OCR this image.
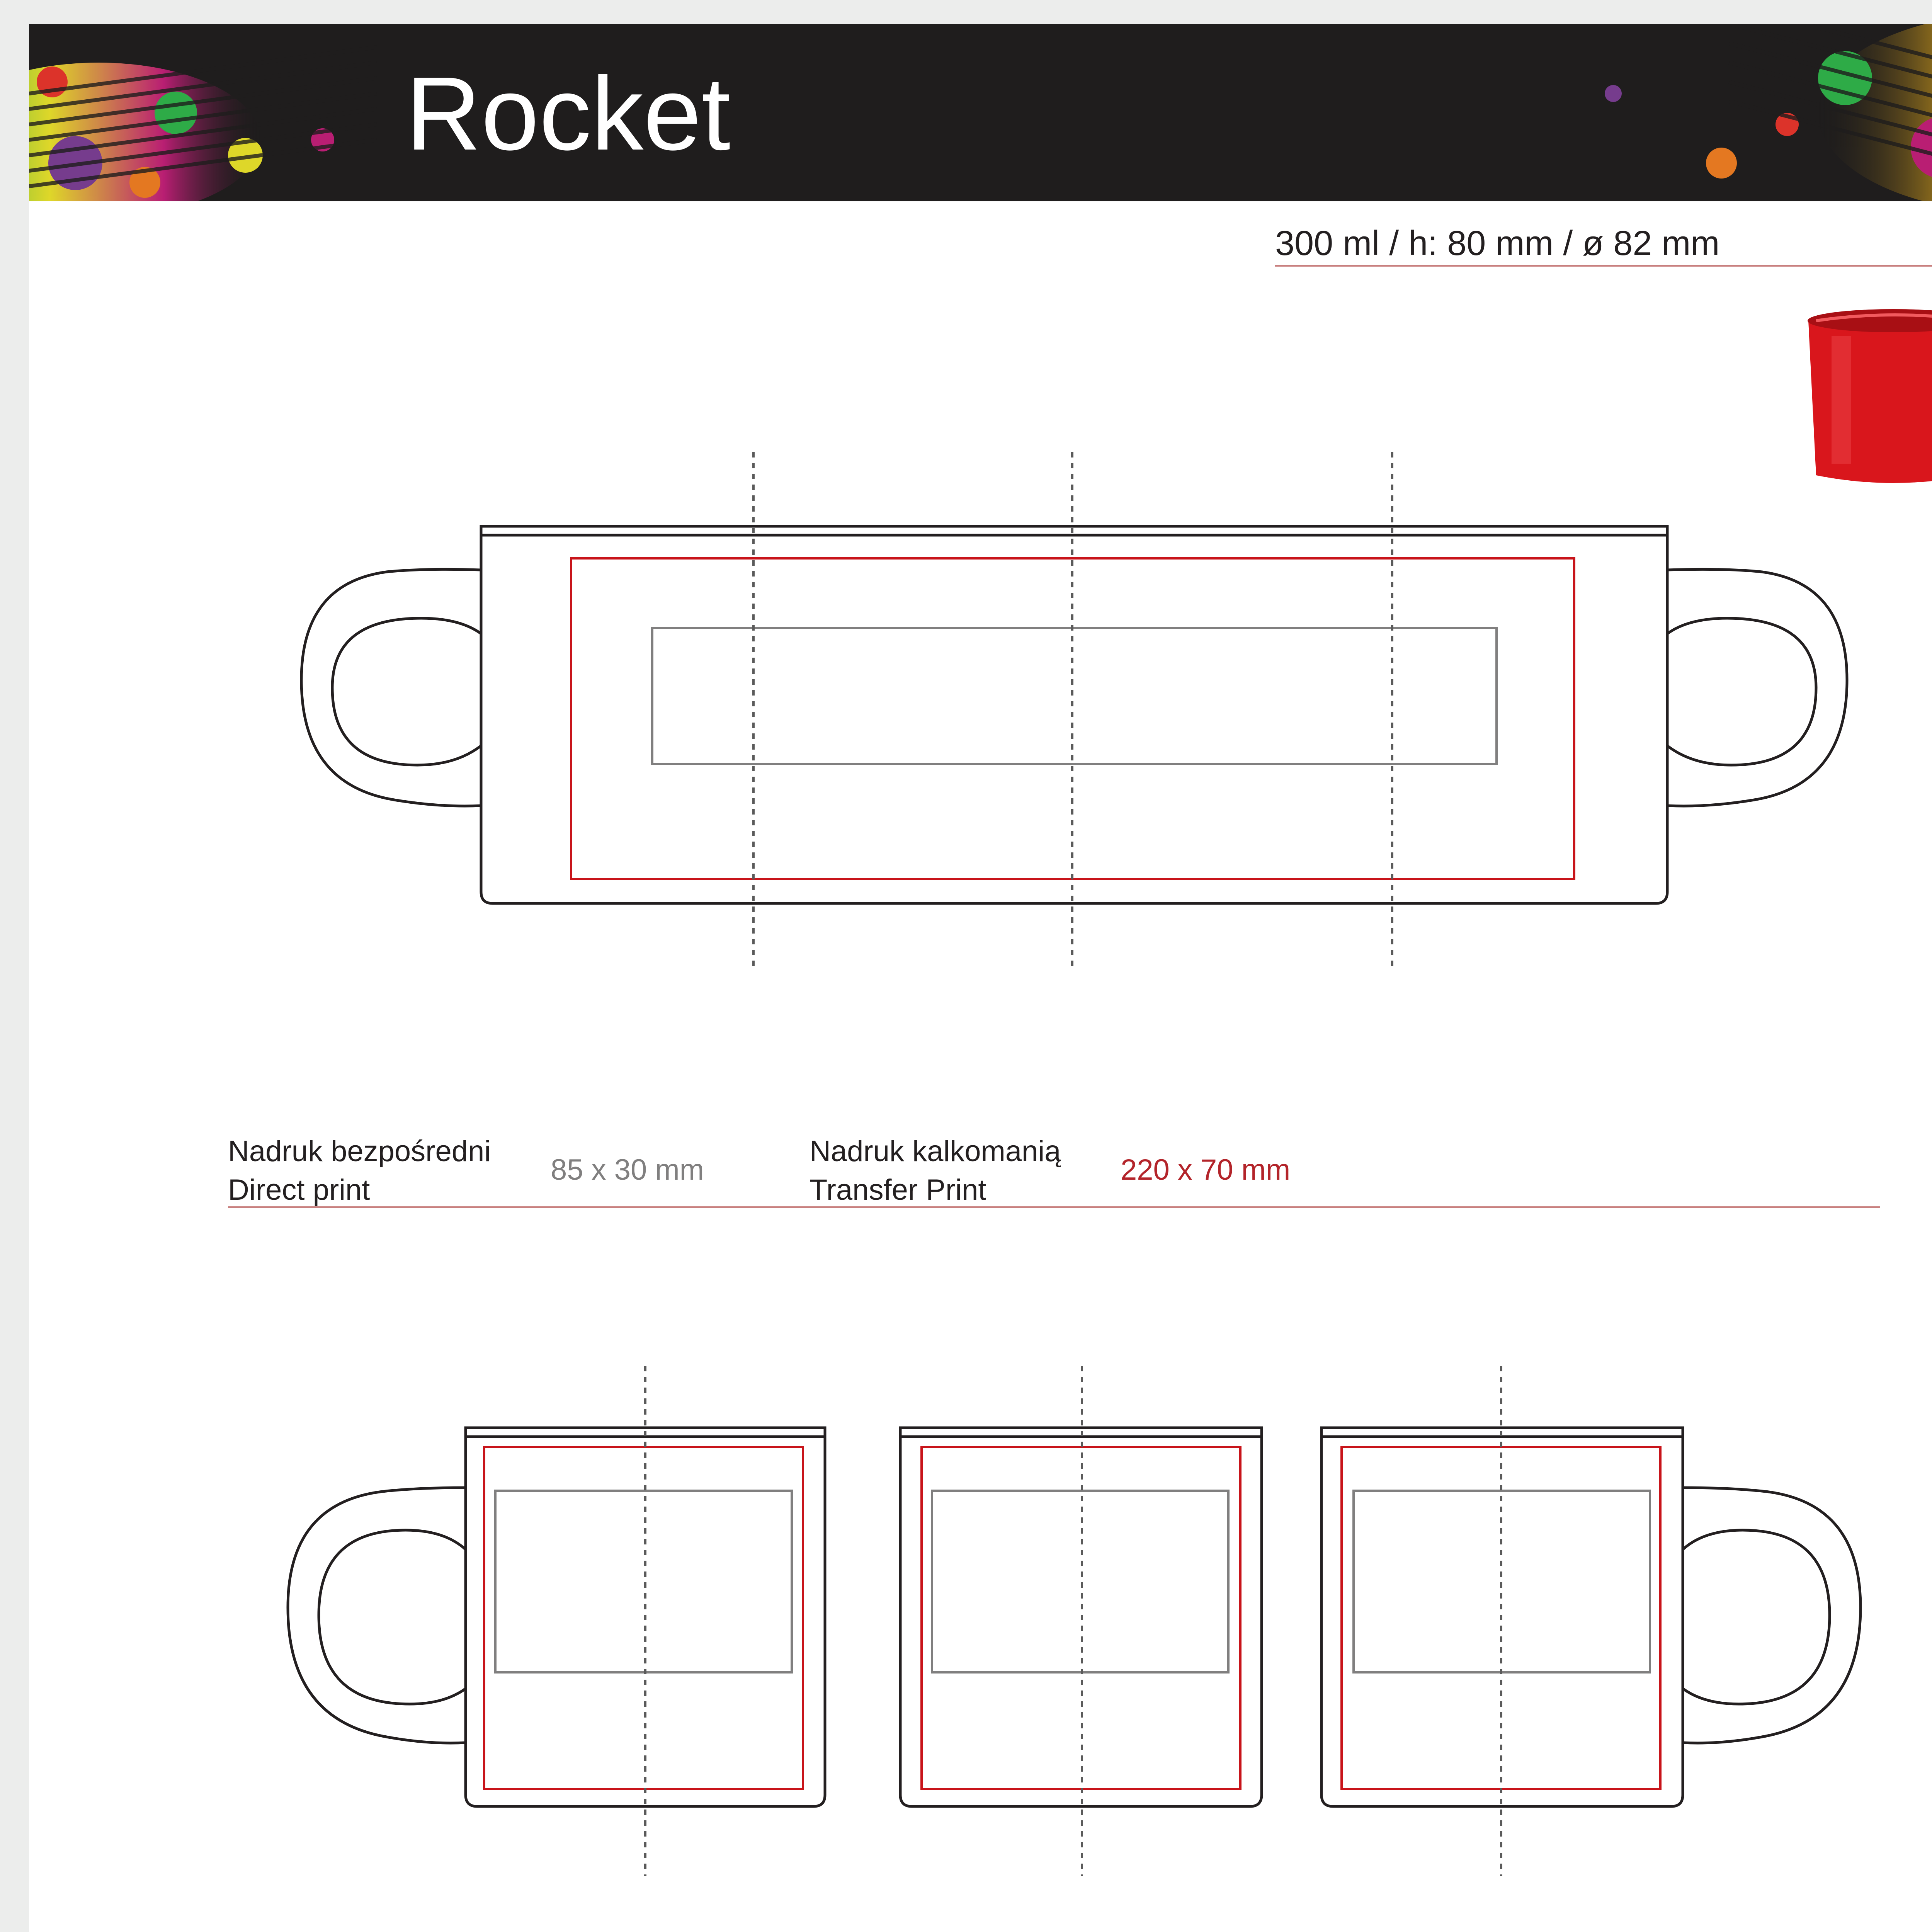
Rocket
300 ml / h: 80 mm / ø 82 mm
Nadruk bezpośredni
Direct print
85 x 30 mm
Nadruk kalkomanią
Transfer Print
220 x 70 mm
